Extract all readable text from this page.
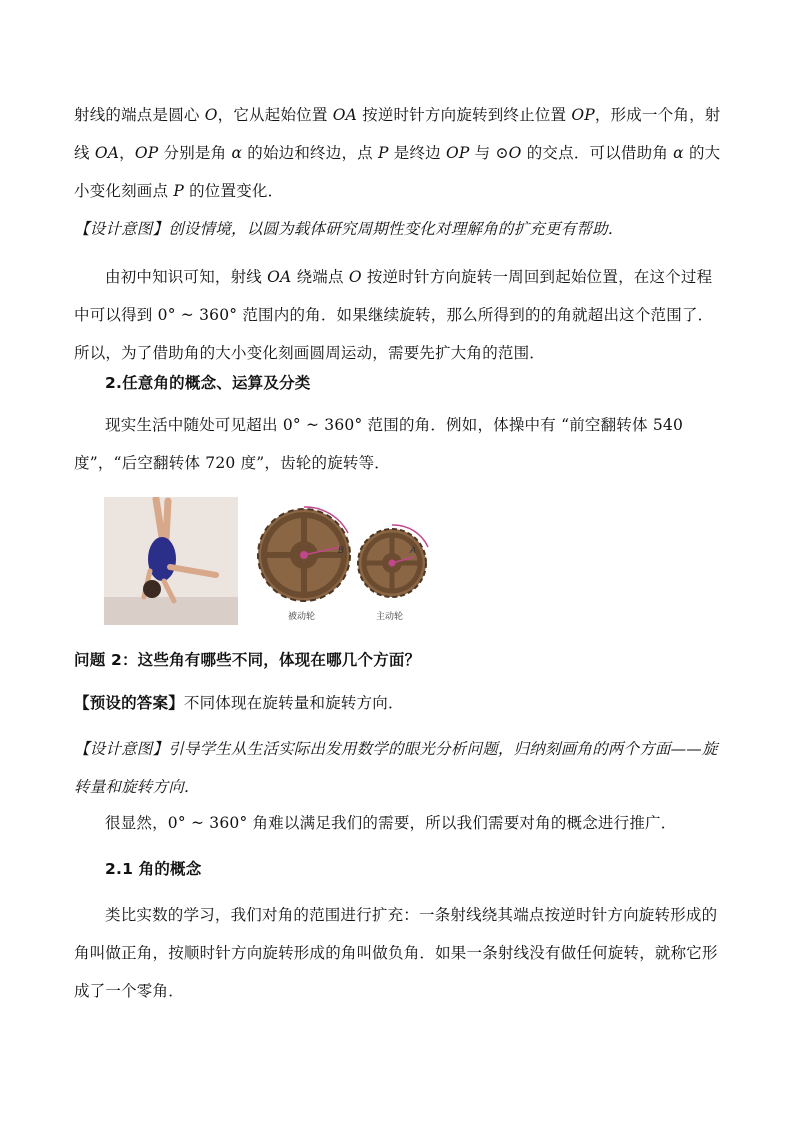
射线的端点是圆心 O，它从起始位置 OA 按逆时针方向旋转到终止位置 OP，形成一个角，射线 OA，OP 分别是角 α 的始边和终边，点 P 是终边 OP 与 ⊙O 的交点．可以借助角 α 的大小变化刻画点 P 的位置变化．

【设计意图】创设情境，以圆为载体研究周期性变化对理解角的扩充更有帮助．

由初中知识可知，射线 OA 绕端点 O 按逆时针方向旋转一周回到起始位置，在这个过程中可以得到 0° ~ 360° 范围内的角．如果继续旋转，那么所得到的的角就超出这个范围了．所以，为了借助角的大小变化刻画圆周运动，需要先扩大角的范围．

2.任意角的概念、运算及分类

现实生活中随处可见超出 0° ~ 360° 范围的角．例如，体操中有 “前空翻转体 540 度”，“后空翻转体 720 度”，齿轮的旋转等．

B	A
被动轮	主动轮

问题 2：这些角有哪些不同，体现在哪几个方面？

【预设的答案】不同体现在旋转量和旋转方向．

【设计意图】引导学生从生活实际出发用数学的眼光分析问题，归纳刻画角的两个方面——旋转量和旋转方向．

很显然，0° ~ 360° 角难以满足我们的需要，所以我们需要对角的概念进行推广．

2.1 角的概念

类比实数的学习，我们对角的范围进行扩充：一条射线绕其端点按逆时针方向旋转形成的角叫做正角，按顺时针方向旋转形成的角叫做负角．如果一条射线没有做任何旋转，就称它形成了一个零角．
